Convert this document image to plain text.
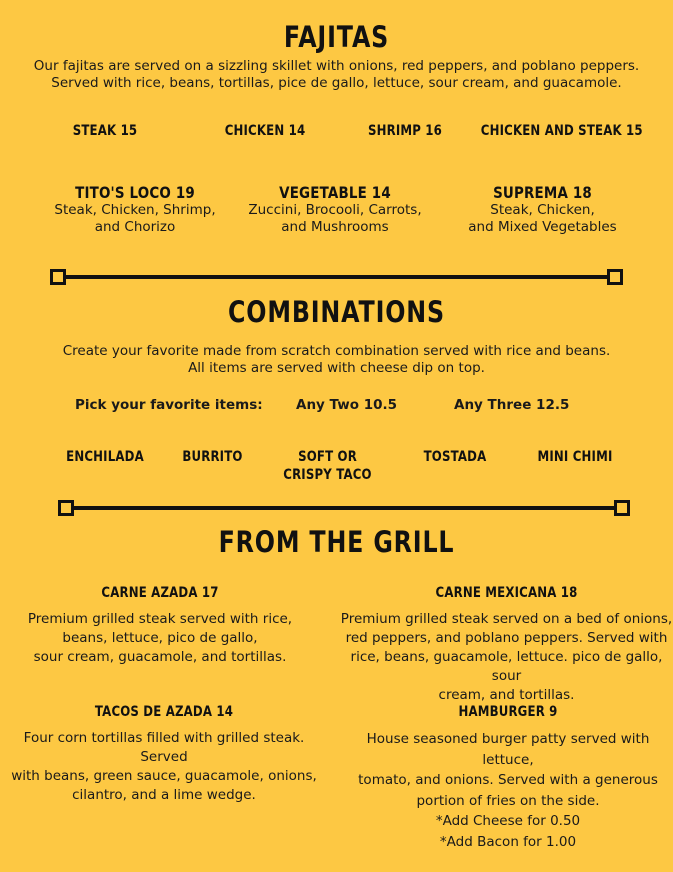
FAJITAS
Our fajitas are served on a sizzling skillet with onions, red peppers, and poblano peppers.
Served with rice, beans, tortillas, pice de gallo, lettuce, sour cream, and guacamole.
STEAK 15	CHICKEN 14	SHRIMP 16	CHICKEN AND STEAK 15
TITO'S LOCO 19
Steak, Chicken, Shrimp,
and Chorizo
VEGETABLE 14
Zuccini, Brocooli, Carrots,
and Mushrooms
SUPREMA 18
Steak, Chicken,
and Mixed Vegetables
COMBINATIONS
Create your favorite made from scratch combination served with rice and beans.
All items are served with cheese dip on top.
Pick your favorite items: Any Two 10.5	Any Three 12.5
ENCHILADA	BURRITO	SOFT OR
CRISPY TACO
TOSTADA	MINI CHIMI
FROM THE GRILL
CARNE AZADA 17
Premium grilled steak served with rice,
beans, lettuce, pico de gallo,
sour cream, guacamole, and tortillas.
CARNE MEXICANA 18
Premium grilled steak served on a bed of onions,
red peppers, and poblano peppers. Served with
rice, beans, guacamole, lettuce. pico de gallo, sour
cream, and tortillas.
TACOS DE AZADA 14
Four corn tortillas filled with grilled steak. Served
with beans, green sauce, guacamole, onions,
cilantro, and a lime wedge.
HAMBURGER 9
House seasoned burger patty served with lettuce,
tomato, and onions. Served with a generous
portion of fries on the side.
*Add Cheese for 0.50
*Add Bacon for 1.00
